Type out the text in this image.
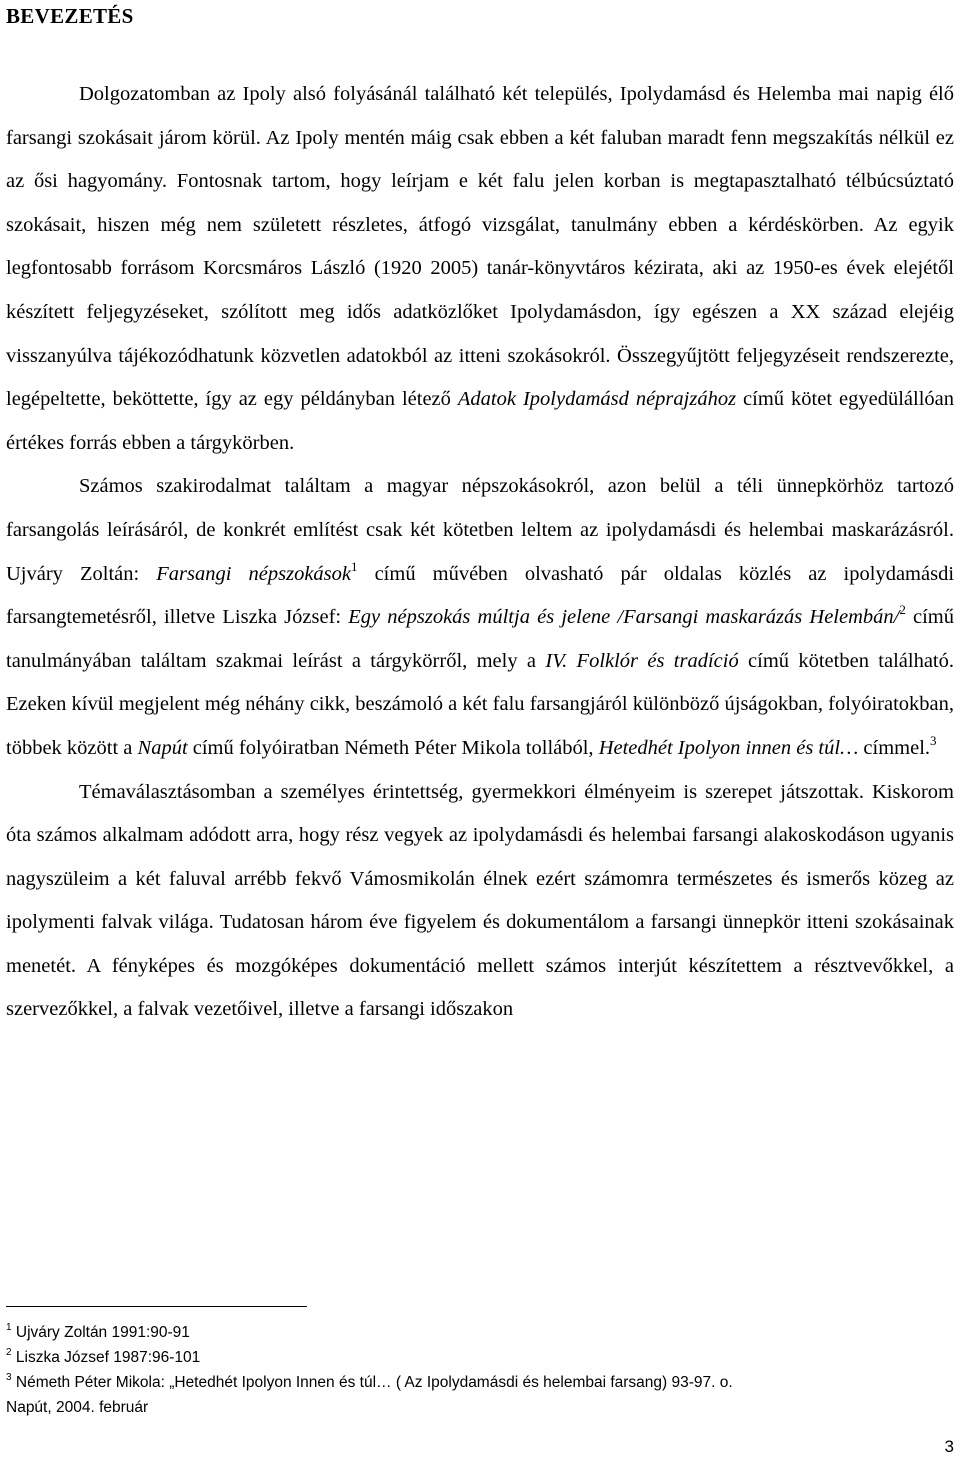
BEVEZETÉS

Dolgozatomban az Ipoly alsó folyásánál található két település, Ipolydamásd és Helemba mai napig élő farsangi szokásait járom körül. Az Ipoly mentén máig csak ebben a két faluban maradt fenn megszakítás nélkül ez az ősi hagyomány. Fontosnak tartom, hogy leírjam e két falu jelen korban is megtapasztalható télbúcsúztató szokásait, hiszen még nem született részletes, átfogó vizsgálat, tanulmány ebben a kérdéskörben. Az egyik legfontosabb forrásom Korcsmáros László (1920 2005) tanár-könyvtáros kézirata, aki az 1950-es évek elejétől készített feljegyzéseket, szólított meg idős adatközlőket Ipolydamásdon, így egészen a XX század elejéig visszanyúlva tájékozódhatunk közvetlen adatokból az itteni szokásokról. Összegyűjtött feljegyzéseit rendszerezte, legépeltette, beköttette, így az egy példányban létező Adatok Ipolydamásd néprajzához című kötet egyedülállóan értékes forrás ebben a tárgykörben.

Számos szakirodalmat találtam a magyar népszokásokról, azon belül a téli ünnepkörhöz tartozó farsangolás leírásáról, de konkrét említést csak két kötetben leltem az ipolydamásdi és helembai maskarázásról. Ujváry Zoltán: Farsangi népszokások$^1$ című művében olvasható pár oldalas közlés az ipolydamásdi farsangtemetésről, illetve Liszka József: Egy népszokás múltja és jelene /Farsangi maskarázás Helembán/$^2$ című tanulmányában találtam szakmai leírást a tárgykörről, mely a IV. Folklór és tradíció című kötetben található. Ezeken kívül megjelent még néhány cikk, beszámoló a két falu farsangjáról különböző újságokban, folyóiratokban, többek között a Napút című folyóiratban Németh Péter Mikola tollából, Hetedhét Ipolyon innen és túl… címmel.$^3$

Témaválasztásomban a személyes érintettség, gyermekkori élményeim is szerepet játszottak. Kiskorom óta számos alkalmam adódott arra, hogy rész vegyek az ipolydamásdi és helembai farsangi alakoskodáson ugyanis nagyszüleim a két faluval arrébb fekvő Vámosmikolán élnek ezért számomra természetes és ismerős közeg az ipolymenti falvak világa. Tudatosan három éve figyelem és dokumentálom a farsangi ünnepkör itteni szokásainak menetét. A fényképes és mozgóképes dokumentáció mellett számos interjút készítettem a résztvevőkkel, a szervezőkkel, a falvak vezetőivel, illetve a farsangi időszakon

$^1$ Ujváry Zoltán 1991:90-91
$^2$ Liszka József 1987:96-101
$^3$ Németh Péter Mikola: „Hetedhét Ipolyon Innen és túl… ( Az Ipolydamásdi és helembai farsang) 93-97. o.
Napút, 2004. február
3
